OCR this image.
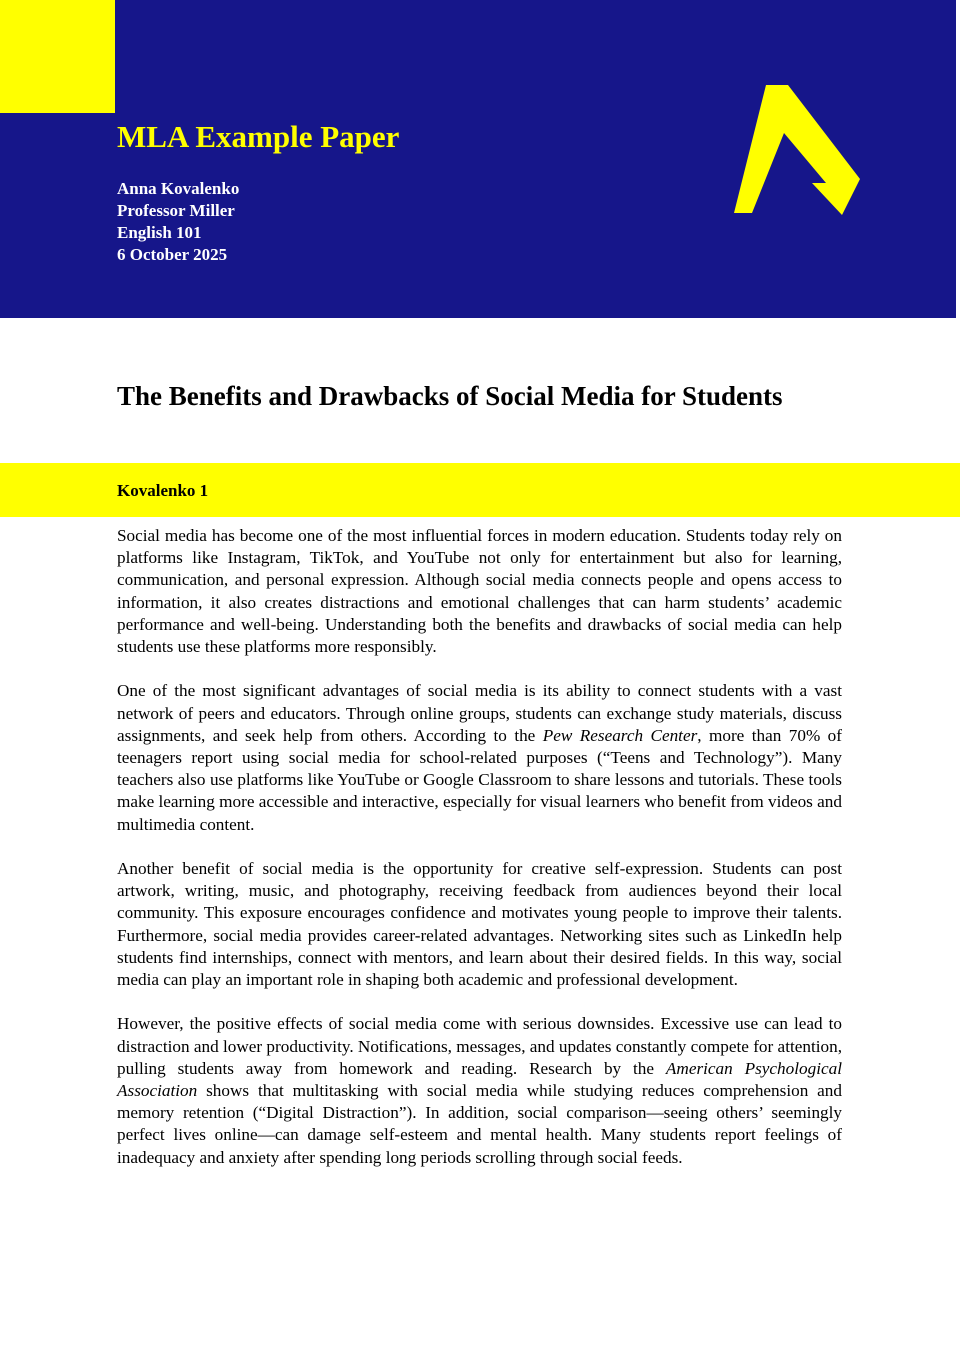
MLA Example Paper
Anna Kovalenko
Professor Miller
English 101
6 October 2025
The Benefits and Drawbacks of Social Media for Students
Kovalenko 1

Social media has become one of the most influential forces in modern education. Students today rely on platforms like Instagram, TikTok, and YouTube not only for entertainment but also for learning, communication, and personal expression. Although social media connects people and opens access to information, it also creates distractions and emotional challenges that can harm students’ academic performance and well-being. Understanding both the benefits and drawbacks of social media can help students use these platforms more responsibly.

One of the most significant advantages of social media is its ability to connect students with a vast network of peers and educators. Through online groups, students can exchange study materials, discuss assignments, and seek help from others. According to the Pew Research Center, more than 70% of teenagers report using social media for school-related purposes (“Teens and Technology”). Many teachers also use platforms like YouTube or Google Classroom to share lessons and tutorials. These tools make learning more accessible and interactive, especially for visual learners who benefit from videos and multimedia content.

Another benefit of social media is the opportunity for creative self-expression. Students can post artwork, writing, music, and photography, receiving feedback from audiences beyond their local community. This exposure encourages confidence and motivates young people to improve their talents. Furthermore, social media provides career-related advantages. Networking sites such as LinkedIn help students find internships, connect with mentors, and learn about their desired fields. In this way, social media can play an important role in shaping both academic and professional development.

However, the positive effects of social media come with serious downsides. Excessive use can lead to distraction and lower productivity. Notifications, messages, and updates constantly compete for attention, pulling students away from homework and reading. Research by the American Psychological Association shows that multitasking with social media while studying reduces comprehension and memory retention (“Digital Distraction”). In addition, social comparison—seeing others’ seemingly perfect lives online—can damage self-esteem and mental health. Many students report feelings of inadequacy and anxiety after spending long periods scrolling through social feeds.
